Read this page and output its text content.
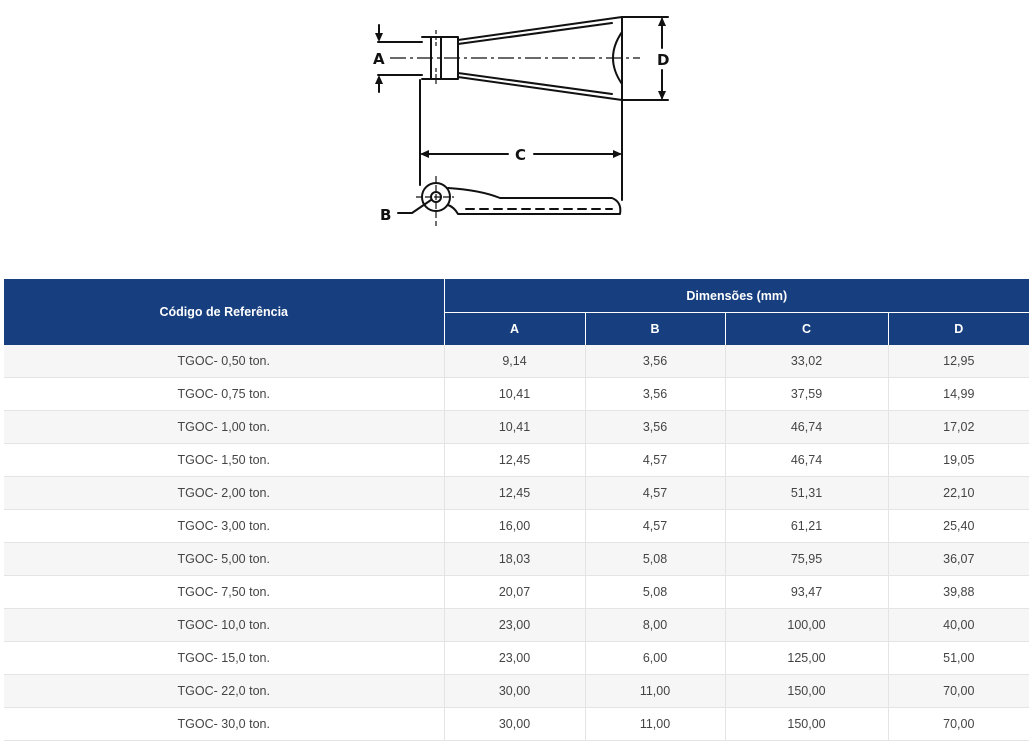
A	D
C
B
Código de Referência	Dimensões (mm)			
	A	B	C	D
TGOC- 0,50 ton.	9,14	3,56	33,02	12,95
TGOC- 0,75 ton.	10,41	3,56	37,59	14,99
TGOC- 1,00 ton.	10,41	3,56	46,74	17,02
TGOC- 1,50 ton.	12,45	4,57	46,74	19,05
TGOC- 2,00 ton.	12,45	4,57	51,31	22,10
TGOC- 3,00 ton.	16,00	4,57	61,21	25,40
TGOC- 5,00 ton.	18,03	5,08	75,95	36,07
TGOC- 7,50 ton.	20,07	5,08	93,47	39,88
TGOC- 10,0 ton.	23,00	8,00	100,00	40,00
TGOC- 15,0 ton.	23,00	6,00	125,00	51,00
TGOC- 22,0 ton.	30,00	11,00	150,00	70,00
TGOC- 30,0 ton.	30,00	11,00	150,00	70,00
